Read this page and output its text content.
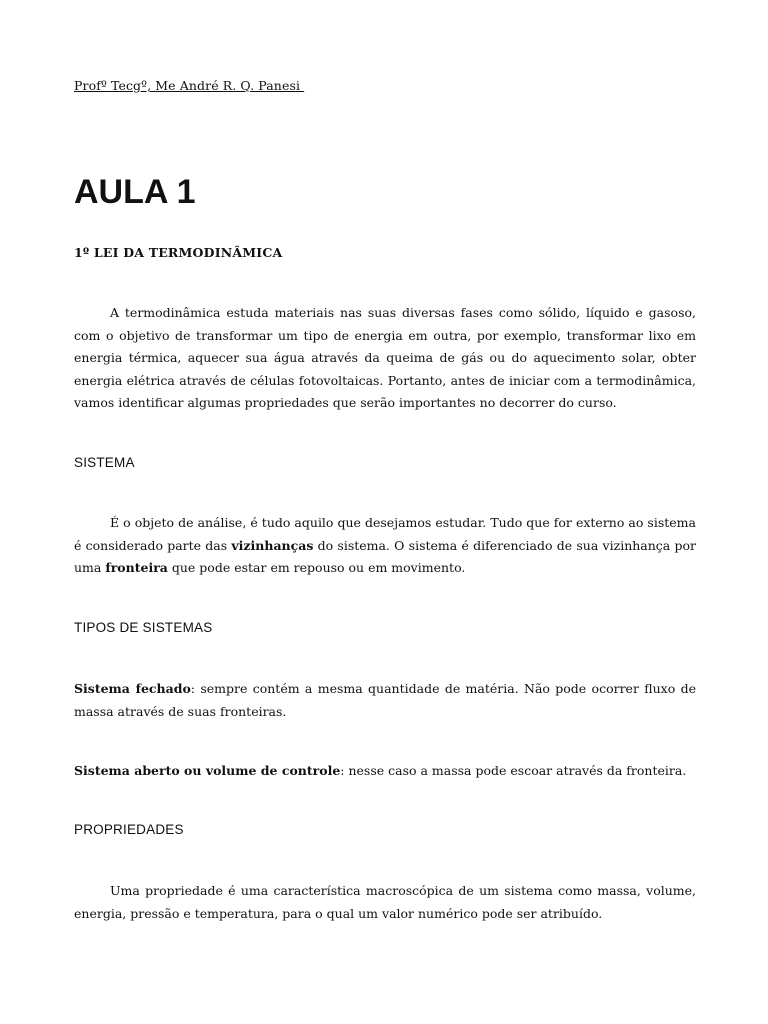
Profº Tecgº, Me André R. Q. Panesi
AULA 1
1º LEI DA TERMODINÂMICA

A termodinâmica estuda materiais nas suas diversas fases como sólido, líquido e gasoso, com o objetivo de transformar um tipo de energia em outra, por exemplo, transformar lixo em energia térmica, aquecer sua água através da queima de gás ou do aquecimento solar, obter energia elétrica através de células fotovoltaicas. Portanto, antes de iniciar com a termodinâmica, vamos identificar algumas propriedades que serão importantes no decorrer do curso.

SISTEMA

É o objeto de análise, é tudo aquilo que desejamos estudar. Tudo que for externo ao sistema é considerado parte das vizinhanças do sistema. O sistema é diferenciado de sua vizinhança por uma fronteira que pode estar em repouso ou em movimento.

TIPOS DE SISTEMAS

Sistema fechado: sempre contém a mesma quantidade de matéria. Não pode ocorrer fluxo de massa através de suas fronteiras.

Sistema aberto ou volume de controle: nesse caso a massa pode escoar através da fronteira.

PROPRIEDADES

Uma propriedade é uma característica macroscópica de um sistema como massa, volume, energia, pressão e temperatura, para o qual um valor numérico pode ser atribuído.
